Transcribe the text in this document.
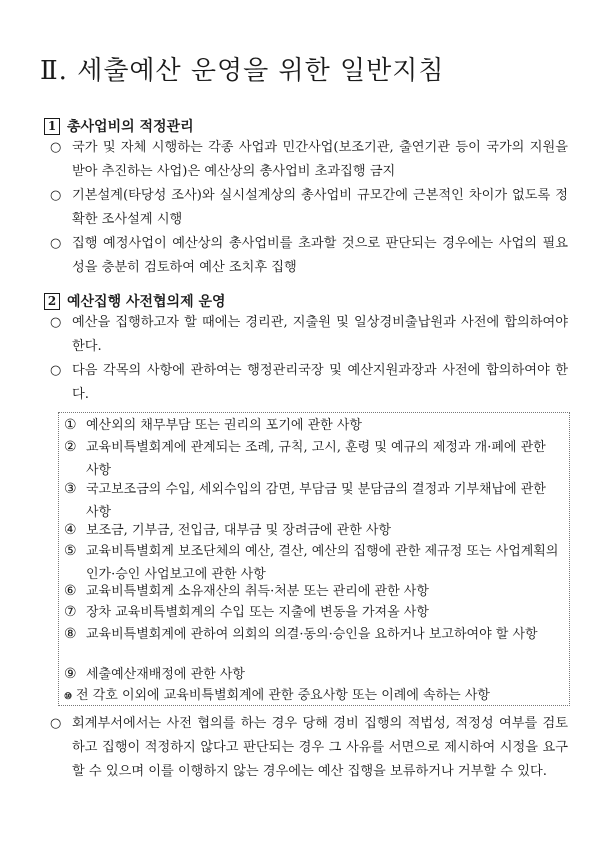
Ⅱ. 세출예산 운영을 위한 일반지침
1 총사업비의 적정관리
○ 국가 및 자체 시행하는 각종 사업과 민간사업(보조기관, 출연기관 등이 국가의 지원을 받아 추진하는 사업)은 예산상의 총사업비 초과집행 금지
○ 기본설계(타당성 조사)와 실시설계상의 총사업비 규모간에 근본적인 차이가 없도록 정확한 조사설계 시행
○ 집행 예정사업이 예산상의 총사업비를 초과할 것으로 판단되는 경우에는 사업의 필요성을 충분히 검토하여 예산 조치후 집행
2 예산집행 사전협의제 운영
○ 예산을 집행하고자 할 때에는 경리관, 지출원 및 일상경비출납원과 사전에 합의하여야 한다.
○ 다음 각목의 사항에 관하여는 행정관리국장 및 예산지원과장과 사전에 합의하여야 한다.
① 예산외의 채무부담 또는 권리의 포기에 관한 사항
② 교육비특별회계에 관계되는 조례, 규칙, 고시, 훈령 및 예규의 제정과 개·폐에 관한 사항
③ 국고보조금의 수입, 세외수입의 감면, 부담금 및 분담금의 결정과 기부채납에 관한 사항
④ 보조금, 기부금, 전입금, 대부금 및 장려금에 관한 사항
⑤ 교육비특별회계 보조단체의 예산, 결산, 예산의 집행에 관한 제규정 또는 사업계획의 인가·승인 사업보고에 관한 사항
⑥ 교육비특별회계 소유재산의 취득·처분 또는 관리에 관한 사항
⑦ 장차 교육비특별회계의 수입 또는 지출에 변동을 가져올 사항
⑧ 교육비특별회계에 관하여 의회의 의결·동의·승인을 요하거나 보고하여야 할 사항
⑨ 세출예산재배정에 관한 사항
⑩ 전 각호 이외에 교육비특별회계에 관한 중요사항 또는 이례에 속하는 사항
○ 회계부서에서는 사전 협의를 하는 경우 당해 경비 집행의 적법성, 적정성 여부를 검토하고 집행이 적정하지 않다고 판단되는 경우 그 사유를 서면으로 제시하여 시정을 요구할 수 있으며 이를 이행하지 않는 경우에는 예산 집행을 보류하거나 거부할 수 있다.
